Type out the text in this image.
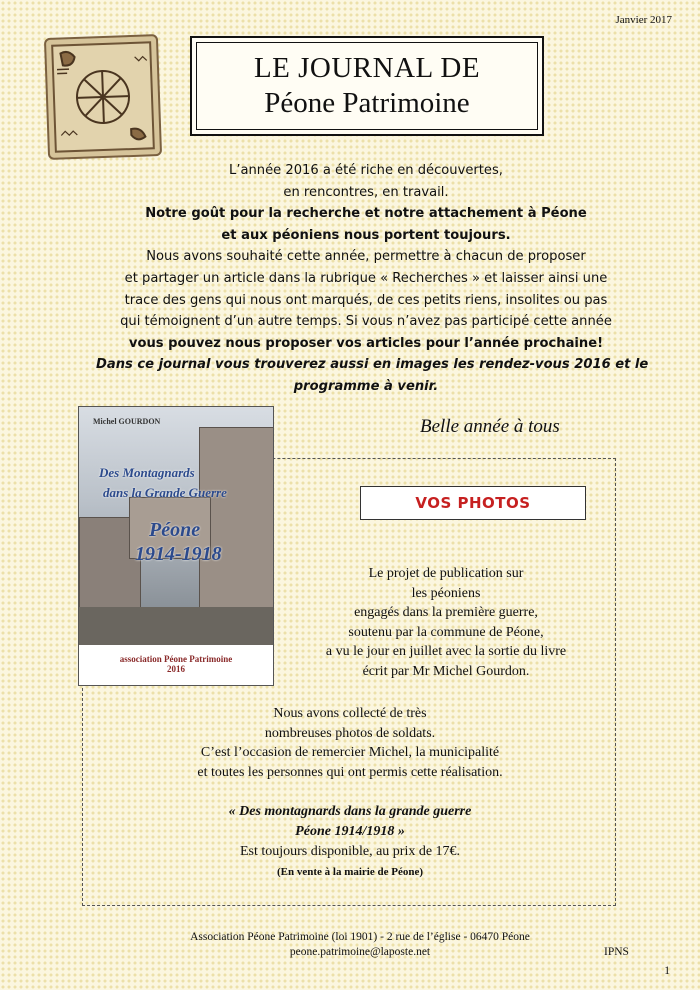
Janvier 2017
LE JOURNAL DE
Péone Patrimoine
L’année 2016 a été riche en découvertes,
en rencontres, en travail.
Notre goût pour la recherche et notre attachement à Péone
et aux péoniens nous portent toujours.
Nous avons souhaité cette année, permettre à chacun de proposer
et partager un article dans la rubrique « Recherches » et laisser ainsi une
trace des gens qui nous ont marqués, de ces petits riens, insolites ou pas
qui témoignent d’un autre temps. Si vous n’avez pas participé cette année
vous pouvez nous proposer vos articles pour l’année prochaine!
Dans ce journal vous trouverez aussi en images les rendez-vous 2016 et le
programme à venir.
Michel GOURDON
Des Montagnards
dans la Grande Guerre
Péone
1914-1918
association Péone Patrimoine
2016
Belle année à tous
VOS PHOTOS
Le projet de publication sur
les péoniens
engagés dans la première guerre,
soutenu par la commune de Péone,
a vu le jour en juillet avec la sortie du livre
écrit par Mr Michel Gourdon.
Nous avons collecté de très
nombreuses photos de soldats.
C’est l’occasion de remercier Michel, la municipalité
et toutes les personnes qui ont permis cette réalisation.
« Des montagnards dans la grande guerre
Péone 1914/1918 »
Est toujours disponible, au prix de 17€.
(En vente à la mairie de Péone)
Association Péone Patrimoine (loi 1901) - 2 rue de l’église - 06470 Péone
peone.patrimoine@laposte.net	IPNS
1
